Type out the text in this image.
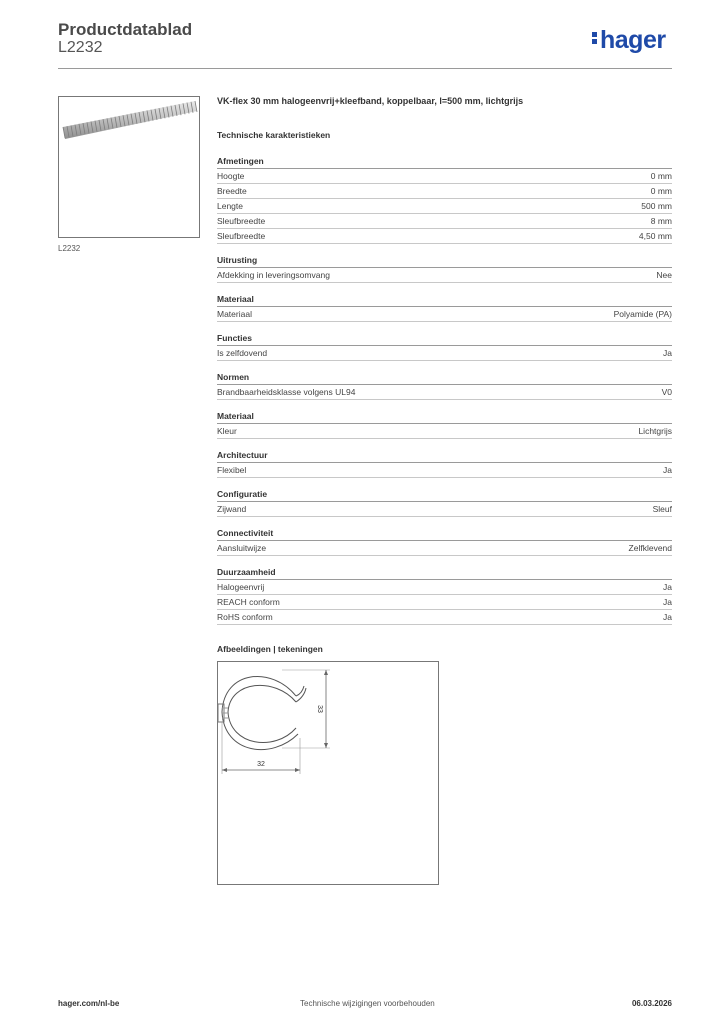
Productdatablad
L2232	hager
L2232
VK-flex 30 mm halogeenvrij+kleefband, koppelbaar, l=500 mm, lichtgrijs
Technische karakteristieken
Afmetingen
Hoogte	0 mm
Breedte	0 mm
Lengte	500 mm
Sleufbreedte	8 mm
Sleufbreedte	4,50 mm
Uitrusting
Afdekking in leveringsomvang	Nee
Materiaal
Materiaal	Polyamide (PA)
Functies
Is zelfdovend	Ja
Normen
Brandbaarheidsklasse volgens UL94	V0
Materiaal
Kleur	Lichtgrijs
Architectuur
Flexibel	Ja
Configuratie
Zijwand	Sleuf
Connectiviteit
Aansluitwijze	Zelfklevend
Duurzaamheid
Halogeenvrij	Ja
REACH conform	Ja
RoHS conform	Ja
Afbeeldingen | tekeningen
33
32
hager.com/nl-be	Technische wijzigingen voorbehouden	06.03.2026
